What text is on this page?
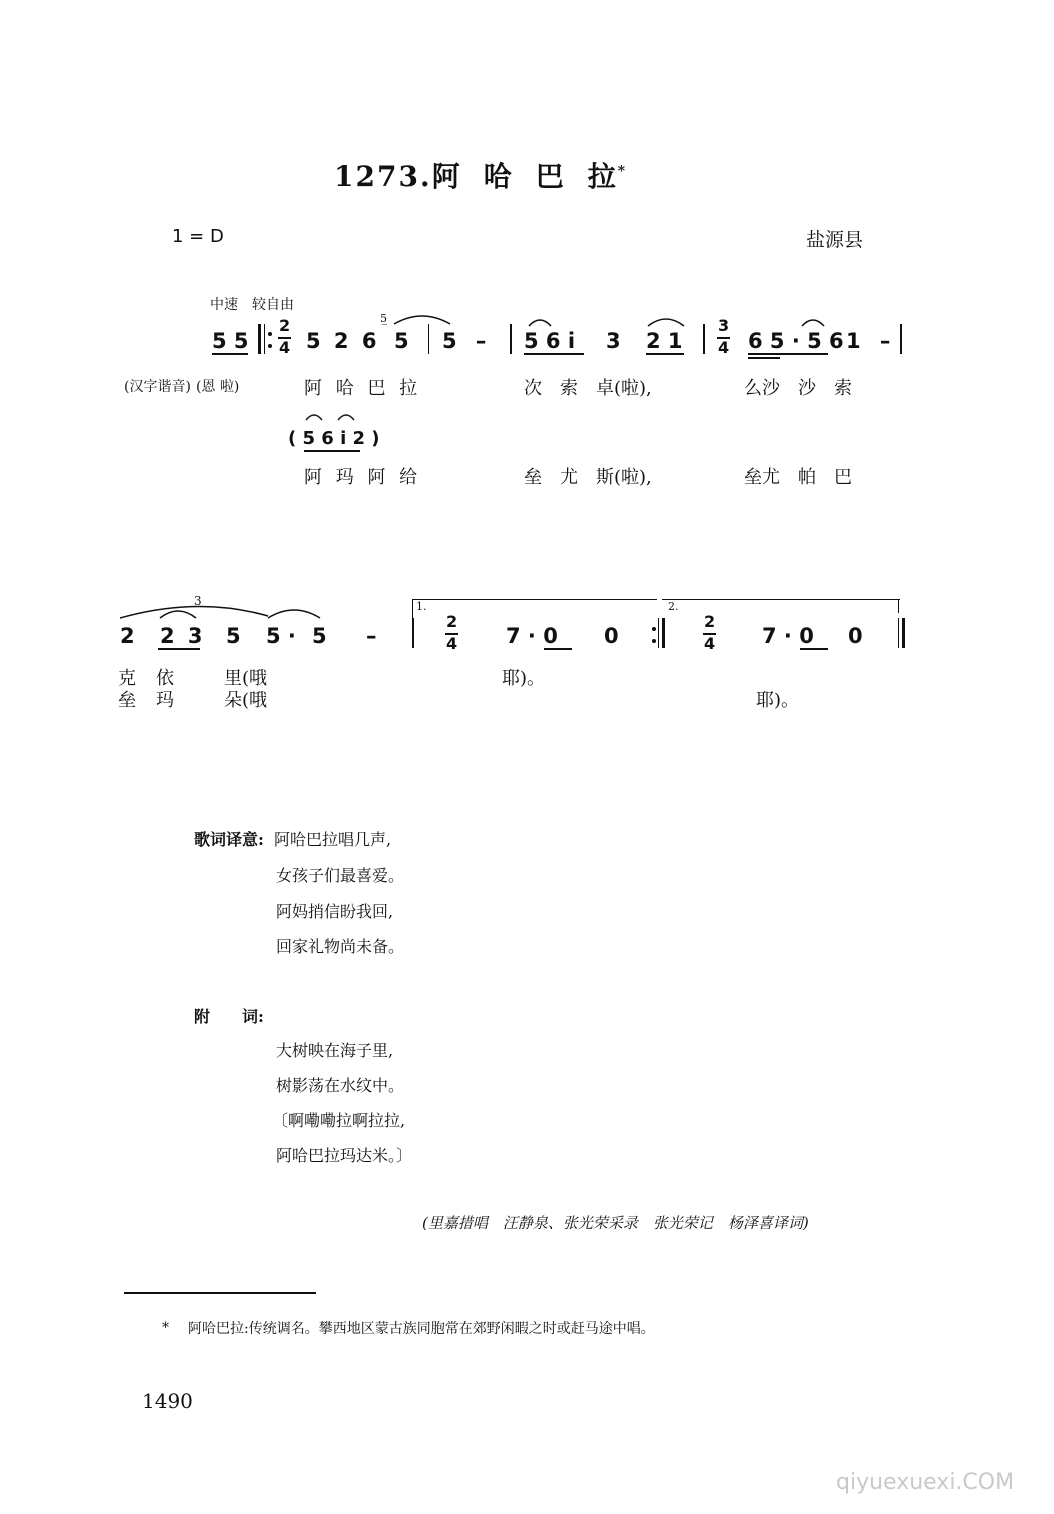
1273.阿 哈 巴 拉*
1 = D	盐源县
中速　较自由
5 5
2
4 5 2 6
5̲
5 5 – 5 6 i 3 2 1
3
4 6 5 · 5 6 1 –
(汉字谐音) (恩 啦)	阿 哈 巴 拉	次　索　卓(啦),	么沙　沙　索
( 5 6 i 2 )
阿 玛 阿 给	垒　尤　斯(啦),	垒尤　帕　巴
3
2 2 3 5 5 · 5 –
1.
2
4 7 · 0 0
2.
2
4 7 · 0 0
克 依	里(哦	耶)。
垒 玛	朵(哦	耶)。
歌词译意: 阿哈巴拉唱几声,
女孩子们最喜爱。
阿妈捎信盼我回,
回家礼物尚未备。
附　　词:
大树映在海子里,
树影荡在水纹中。
〔啊嘞嘞拉啊拉拉,
阿哈巴拉玛达米。〕
(里嘉措唱　汪静泉、张光荣采录　张光荣记　杨泽喜译词)
* 阿哈巴拉:传统调名。攀西地区蒙古族同胞常在郊野闲暇之时或赶马途中唱。
1490
qiyuexuexi.COM
